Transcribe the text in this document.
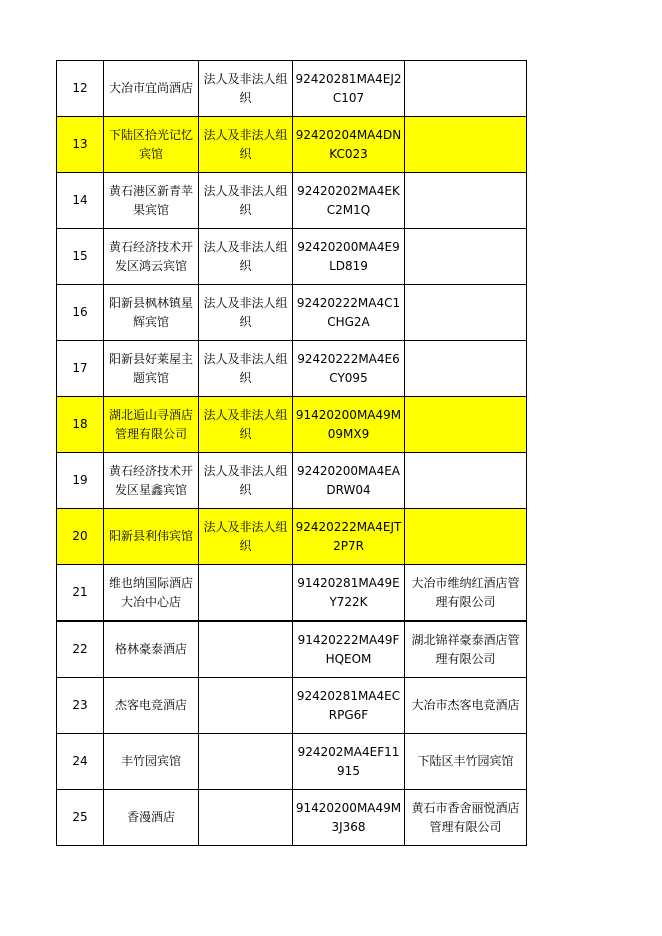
12	大冶市宜尚酒店	法人及非法人组织	92420281MA4EJ2C107	
13	下陆区拾光记忆宾馆	法人及非法人组织	92420204MA4DNKC023	
14	黄石港区新青苹果宾馆	法人及非法人组织	92420202MA4EKC2M1Q	
15	黄石经济技术开发区鸿云宾馆	法人及非法人组织	92420200MA4E9LD819	
16	阳新县枫林镇星辉宾馆	法人及非法人组织	92420222MA4C1CHG2A	
17	阳新县好莱屋主题宾馆	法人及非法人组织	92420222MA4E6CY095	
18	湖北逅山寻酒店管理有限公司	法人及非法人组织	91420200MA49M09MX9	
19	黄石经济技术开发区星鑫宾馆	法人及非法人组织	92420200MA4EADRW04	
20	阳新县利伟宾馆	法人及非法人组织	92420222MA4EJT2P7R	
21	维也纳国际酒店大冶中心店		91420281MA49EY722K	大冶市维纳红酒店管理有限公司
22	格林豪泰酒店		91420222MA49FHQEOM	湖北锦祥豪泰酒店管理有限公司
23	杰客电竞酒店		92420281MA4ECRPG6F	大冶市杰客电竞酒店
24	丰竹园宾馆		924202MA4EF11915	下陆区丰竹园宾馆
25	香漫酒店		91420200MA49M3J368	黄石市香舍丽悦酒店管理有限公司
